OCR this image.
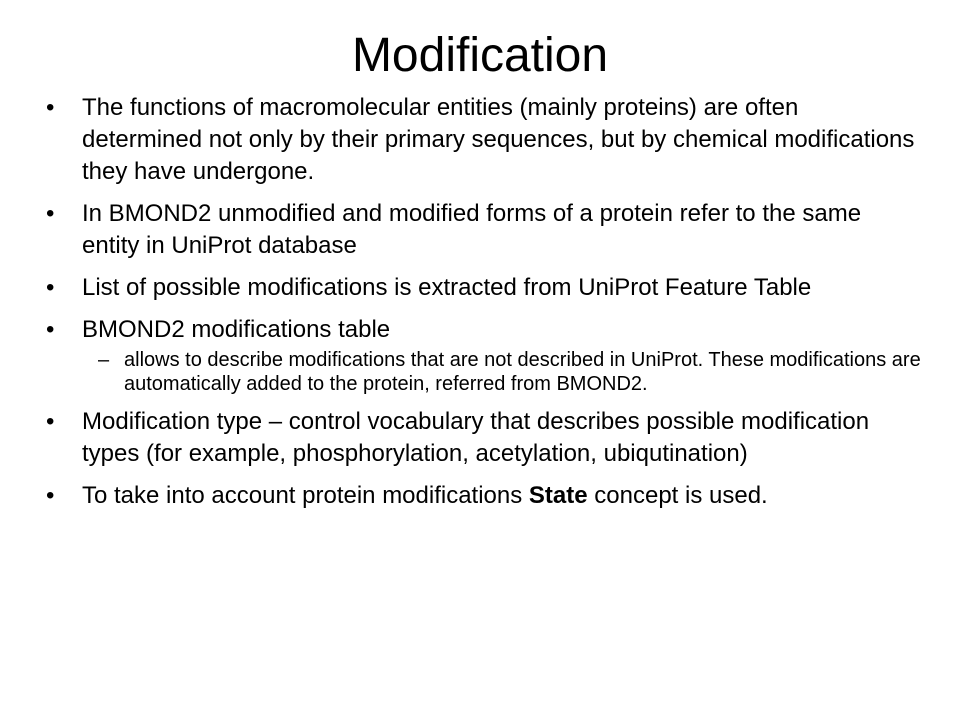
Modification
• The functions of macromolecular entities (mainly proteins) are often determined not only by their primary sequences, but by chemical modifications they have undergone.
• In BMOND2 unmodified and modified forms of a protein refer to the same entity in UniProt database
• List of possible modifications is extracted from UniProt Feature Table
• BMOND2 modifications table
– allows to describe modifications that are not described in UniProt. These modifications are automatically added to the protein, referred from BMOND2.
• Modification type – control vocabulary that describes possible modification types (for example, phosphorylation, acetylation, ubiqutination)
• To take into account protein modifications State concept is used.
